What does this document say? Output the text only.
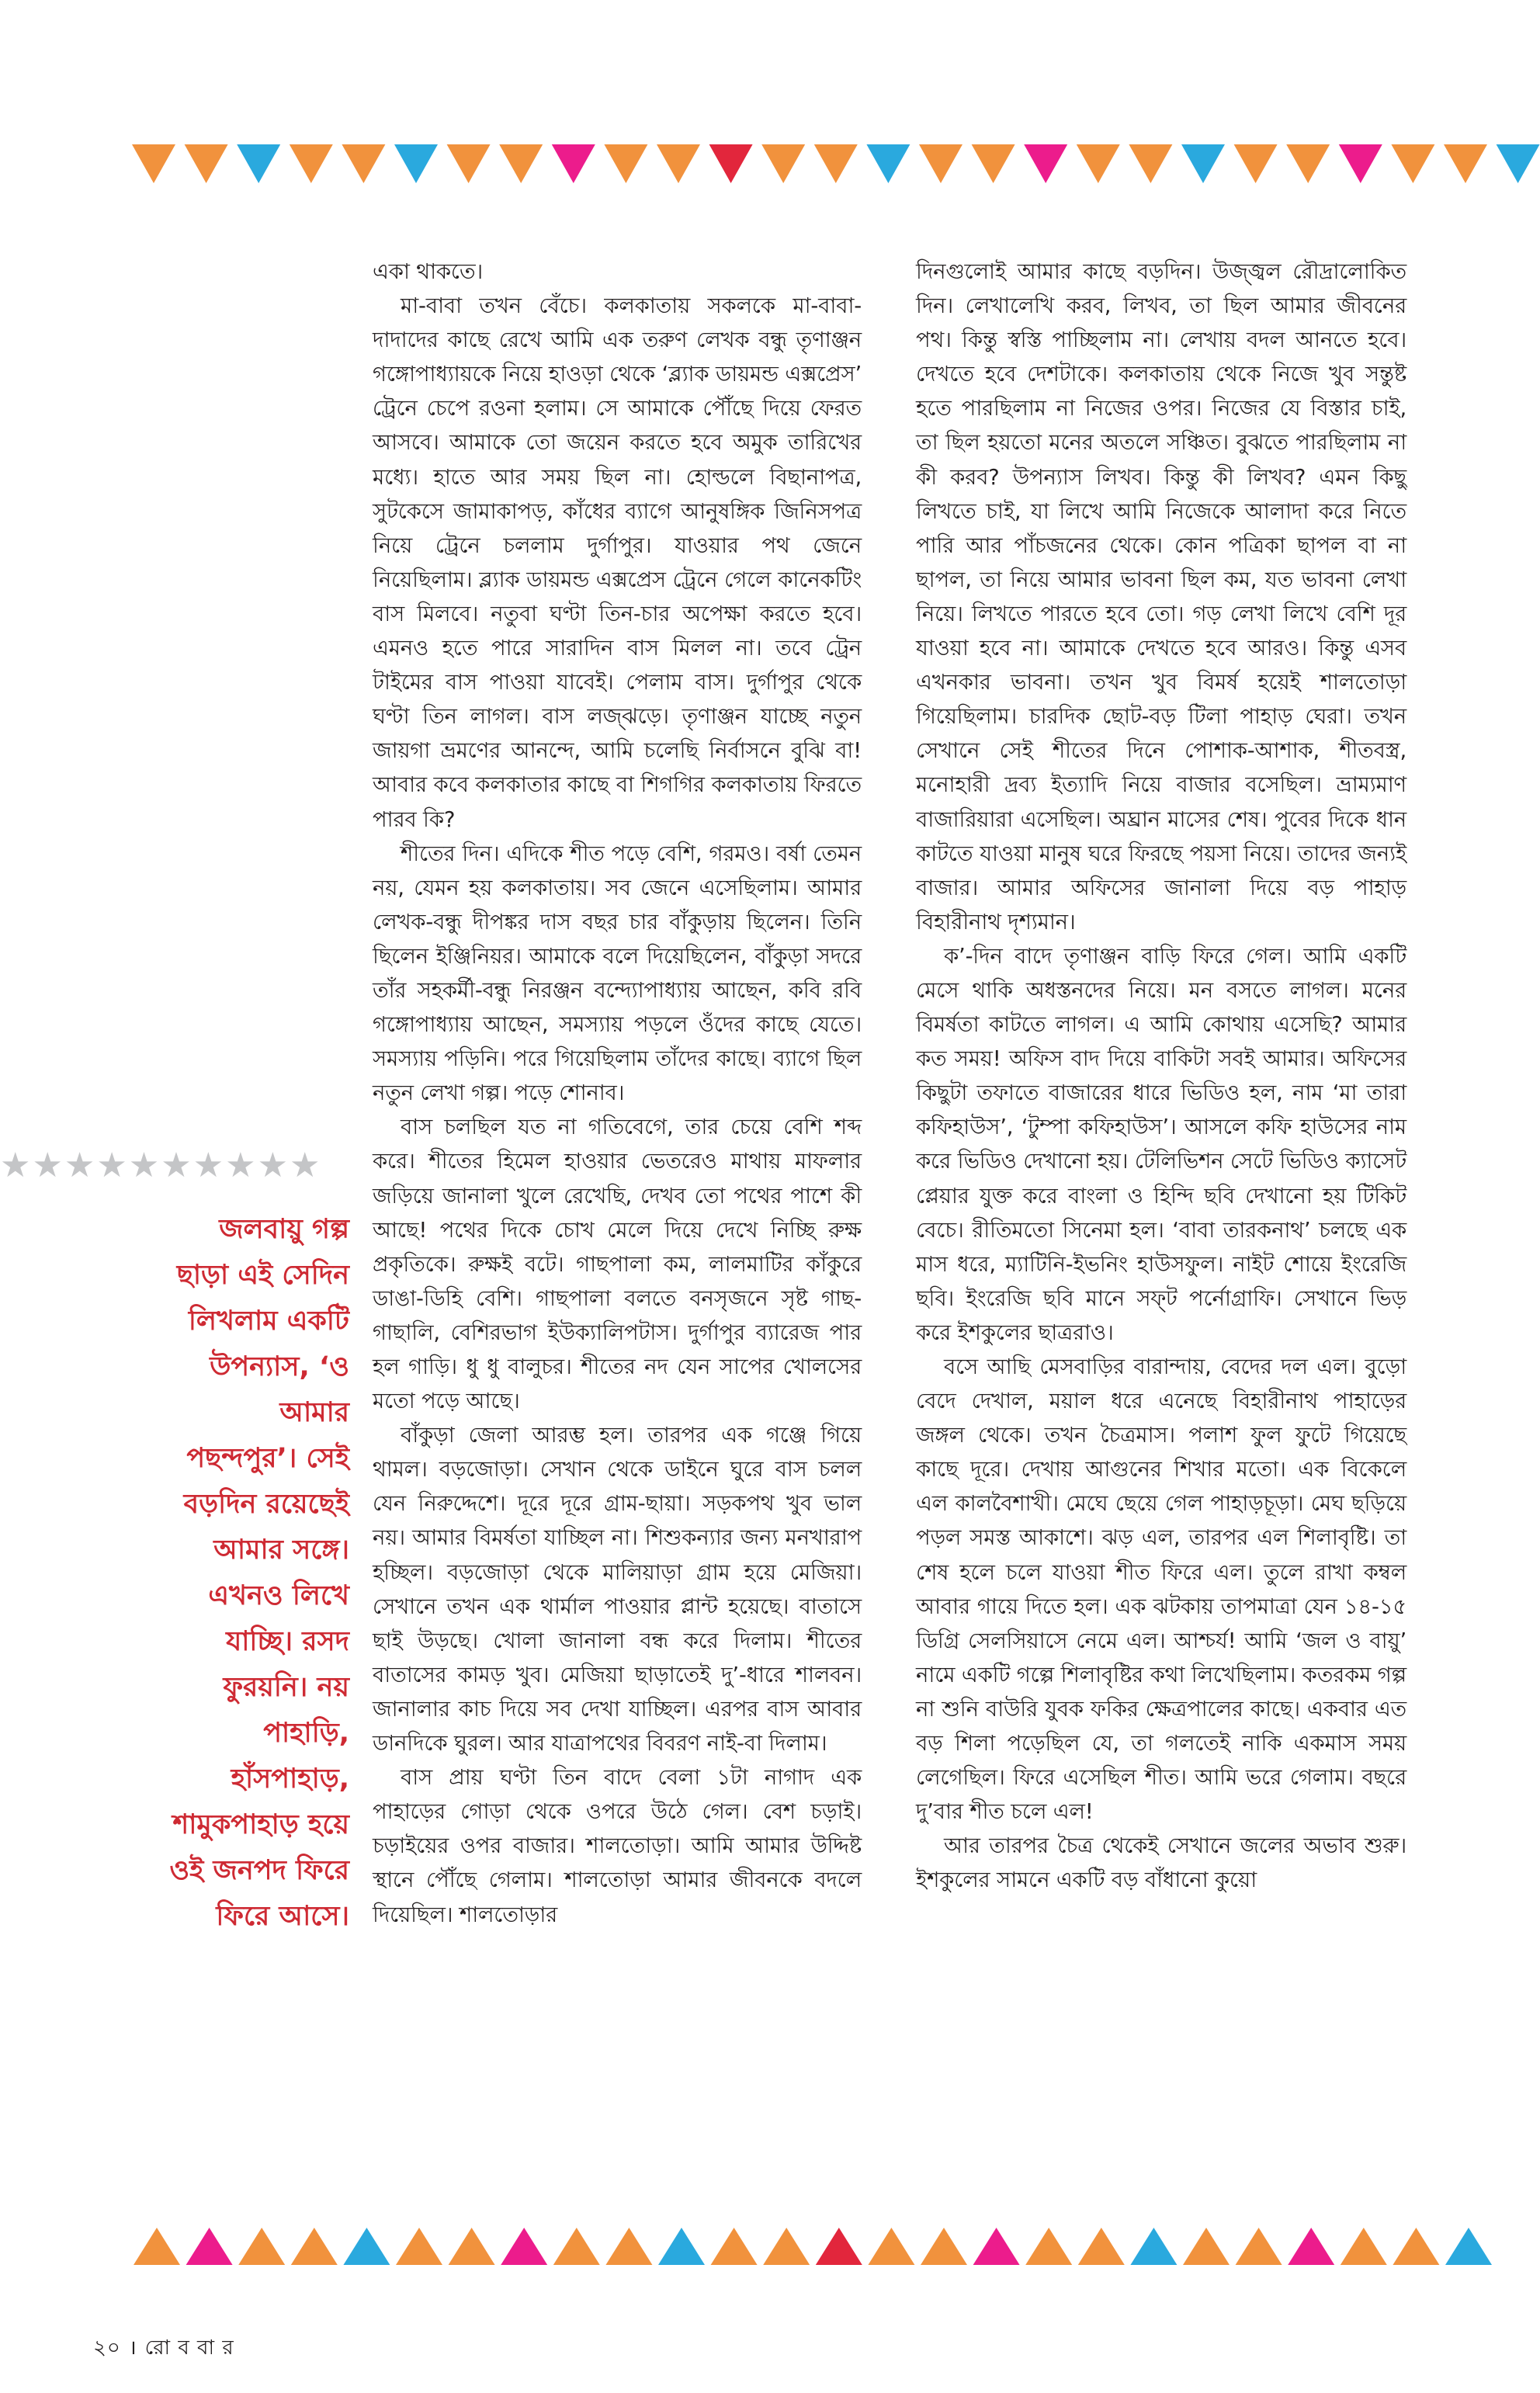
একা থাকতে।

মা-বাবা তখন বেঁচে। কলকাতায় সকলকে মা-বাবা-দাদাদের কাছে রেখে আমি এক তরুণ লেখক বন্ধু তৃণাঞ্জন গঙ্গোপাধ্যায়কে নিয়ে হাওড়া থেকে ‘ব্ল্যাক ডায়মন্ড এক্সপ্রেস’ ট্রেনে চেপে রওনা হলাম। সে আমাকে পৌঁছে দিয়ে ফেরত আসবে। আমাকে তো জয়েন করতে হবে অমুক তারিখের মধ্যে। হাতে আর সময় ছিল না। হোল্ডলে বিছানাপত্র, সুটকেসে জামাকাপড়, কাঁধের ব্যাগে আনুষঙ্গিক জিনিসপত্র নিয়ে ট্রেনে চললাম দুর্গাপুর। যাওয়ার পথ জেনে নিয়েছিলাম। ব্ল্যাক ডায়মন্ড এক্সপ্রেস ট্রেনে গেলে কানেকটিং বাস মিলবে। নতুবা ঘণ্টা তিন-চার অপেক্ষা করতে হবে। এমনও হতে পারে সারাদিন বাস মিলল না। তবে ট্রেন টাইমের বাস পাওয়া যাবেই। পেলাম বাস। দুর্গাপুর থেকে ঘণ্টা তিন লাগল। বাস লজ্‌ঝড়ে। তৃণাঞ্জন যাচ্ছে নতুন জায়গা ভ্রমণের আনন্দে, আমি চলেছি নির্বাসনে বুঝি বা! আবার কবে কলকাতার কাছে বা শিগগির কলকাতায় ফিরতে পারব কি?

শীতের দিন। এদিকে শীত পড়ে বেশি, গরমও। বর্ষা তেমন নয়, যেমন হয় কলকাতায়। সব জেনে এসেছিলাম। আমার লেখক-বন্ধু দীপঙ্কর দাস বছর চার বাঁকুড়ায় ছিলেন। তিনি ছিলেন ইঞ্জিনিয়র। আমাকে বলে দিয়েছিলেন, বাঁকুড়া সদরে তাঁর সহকর্মী-বন্ধু নিরঞ্জন বন্দ্যোপাধ্যায় আছেন, কবি রবি গঙ্গোপাধ্যায় আছেন, সমস্যায় পড়লে ওঁদের কাছে যেতে। সমস্যায় পড়িনি। পরে গিয়েছিলাম তাঁদের কাছে। ব্যাগে ছিল নতুন লেখা গল্প। পড়ে শোনাব।

বাস চলছিল যত না গতিবেগে, তার চেয়ে বেশি শব্দ করে। শীতের হিমেল হাওয়ার ভেতরেও মাথায় মাফলার জড়িয়ে জানালা খুলে রেখেছি, দেখব তো পথের পাশে কী আছে! পথের দিকে চোখ মেলে দিয়ে দেখে নিচ্ছি রুক্ষ প্রকৃতিকে। রুক্ষই বটে। গাছপালা কম, লালমাটির কাঁকুরে ডাঙা-ডিহি বেশি। গাছপালা বলতে বনসৃজনে সৃষ্ট গাছ-গাছালি, বেশিরভাগ ইউক্যালিপটাস। দুর্গাপুর ব্যারেজ পার হল গাড়ি। ধু ধু বালুচর। শীতের নদ যেন সাপের খোলসের মতো পড়ে আছে।

বাঁকুড়া জেলা আরম্ভ হল। তারপর এক গঞ্জে গিয়ে থামল। বড়জোড়া। সেখান থেকে ডাইনে ঘুরে বাস চলল যেন নিরুদ্দেশে। দূরে দূরে গ্রাম-ছায়া। সড়কপথ খুব ভাল নয়। আমার বিমর্ষতা যাচ্ছিল না। শিশুকন্যার জন্য মনখারাপ হচ্ছিল। বড়জোড়া থেকে মালিয়াড়া গ্রাম হয়ে মেজিয়া। সেখানে তখন এক থার্মাল পাওয়ার প্লান্ট হয়েছে। বাতাসে ছাই উড়ছে। খোলা জানালা বন্ধ করে দিলাম। শীতের বাতাসের কামড় খুব। মেজিয়া ছাড়াতেই দু’-ধারে শালবন। জানালার কাচ দিয়ে সব দেখা যাচ্ছিল। এরপর বাস আবার ডানদিকে ঘুরল। আর যাত্রাপথের বিবরণ নাই-বা দিলাম।

বাস প্রায় ঘণ্টা তিন বাদে বেলা ১টা নাগাদ এক পাহাড়ের গোড়া থেকে ওপরে উঠে গেল। বেশ চড়াই। চড়াইয়ের ওপর বাজার। শালতোড়া। আমি আমার উদ্দিষ্ট স্থানে পৌঁছে গেলাম। শালতোড়া আমার জীবনকে বদলে দিয়েছিল। শালতোড়ার

দিনগুলোই আমার কাছে বড়দিন। উজ্জ্বল রৌদ্রালোকিত দিন। লেখালেখি করব, লিখব, তা ছিল আমার জীবনের পথ। কিন্তু স্বস্তি পাচ্ছিলাম না। লেখায় বদল আনতে হবে। দেখতে হবে দেশটাকে। কলকাতায় থেকে নিজে খুব সন্তুষ্ট হতে পারছিলাম না নিজের ওপর। নিজের যে বিস্তার চাই, তা ছিল হয়তো মনের অতলে সঞ্চিত। বুঝতে পারছিলাম না কী করব? উপন্যাস লিখব। কিন্তু কী লিখব? এমন কিছু লিখতে চাই, যা লিখে আমি নিজেকে আলাদা করে নিতে পারি আর পাঁচজনের থেকে। কোন পত্রিকা ছাপল বা না ছাপল, তা নিয়ে আমার ভাবনা ছিল কম, যত ভাবনা লেখা নিয়ে। লিখতে পারতে হবে তো। গড় লেখা লিখে বেশি দূর যাওয়া হবে না। আমাকে দেখতে হবে আরও। কিন্তু এসব এখনকার ভাবনা। তখন খুব বিমর্ষ হয়েই শালতোড়া গিয়েছিলাম। চারদিক ছোট-বড় টিলা পাহাড় ঘেরা। তখন সেখানে সেই শীতের দিনে পোশাক-আশাক, শীতবস্ত্র, মনোহারী দ্রব্য ইত্যাদি নিয়ে বাজার বসেছিল। ভ্রাম্যমাণ বাজারিয়ারা এসেছিল। অঘ্রান মাসের শেষ। পুবের দিকে ধান কাটতে যাওয়া মানুষ ঘরে ফিরছে পয়সা নিয়ে। তাদের জন্যই বাজার। আমার অফিসের জানালা দিয়ে বড় পাহাড় বিহারীনাথ দৃশ্যমান।

ক’-দিন বাদে তৃণাঞ্জন বাড়ি ফিরে গেল। আমি একটি মেসে থাকি অধস্তনদের নিয়ে। মন বসতে লাগল। মনের বিমর্ষতা কাটতে লাগল। এ আমি কোথায় এসেছি? আমার কত সময়! অফিস বাদ দিয়ে বাকিটা সবই আমার। অফিসের কিছুটা তফাতে বাজারের ধারে ভিডিও হল, নাম ‘মা তারা কফিহাউস’, ‘টুম্পা কফিহাউস’। আসলে কফি হাউসের নাম করে ভিডিও দেখানো হয়। টেলিভিশন সেটে ভিডিও ক্যাসেট প্লেয়ার যুক্ত করে বাংলা ও হিন্দি ছবি দেখানো হয় টিকিট বেচে। রীতিমতো সিনেমা হল। ‘বাবা তারকনাথ’ চলছে এক মাস ধরে, ম্যাটিনি-ইভনিং হাউসফুল। নাইট শোয়ে ইংরেজি ছবি। ইংরেজি ছবি মানে সফ্‌ট পর্নোগ্রাফি। সেখানে ভিড় করে ইশকুলের ছাত্ররাও।

বসে আছি মেসবাড়ির বারান্দায়, বেদের দল এল। বুড়ো বেদে দেখাল, ময়াল ধরে এনেছে বিহারীনাথ পাহাড়ের জঙ্গল থেকে। তখন চৈত্রমাস। পলাশ ফুল ফুটে গিয়েছে কাছে দূরে। দেখায় আগুনের শিখার মতো। এক বিকেলে এল কালবৈশাখী। মেঘে ছেয়ে গেল পাহাড়চূড়া। মেঘ ছড়িয়ে পড়ল সমস্ত আকাশে। ঝড় এল, তারপর এল শিলাবৃষ্টি। তা শেষ হলে চলে যাওয়া শীত ফিরে এল। তুলে রাখা কম্বল আবার গায়ে দিতে হল। এক ঝটকায় তাপমাত্রা যেন ১৪-১৫ ডিগ্রি সেলসিয়াসে নেমে এল। আশ্চর্য! আমি ‘জল ও বায়ু’ নামে একটি গল্পে শিলাবৃষ্টির কথা লিখেছিলাম। কতরকম গল্প না শুনি বাউরি যুবক ফকির ক্ষেত্রপালের কাছে। একবার এত বড় শিলা পড়েছিল যে, তা গলতেই নাকি একমাস সময় লেগেছিল। ফিরে এসেছিল শীত। আমি ভরে গেলাম। বছরে দু’বার শীত চলে এল!

আর তারপর চৈত্র থেকেই সেখানে জলের অভাব শুরু। ইশকুলের সামনে একটি বড় বাঁধানো কুয়ো

★★★★★★★★★★
জলবায়ু গল্প ছাড়া এই সেদিন লিখলাম একটি উপন্যাস, ‘ও আমার পছন্দপুর’। সেই বড়দিন রয়েছেই আমার সঙ্গে। এখনও লিখে যাচ্ছি। রসদ ফুরয়নি। নয় পাহাড়ি, হাঁসপাহাড়, শামুকপাহাড় হয়ে ওই জনপদ ফিরে ফিরে আসে।
২০ । রো ব বা র
